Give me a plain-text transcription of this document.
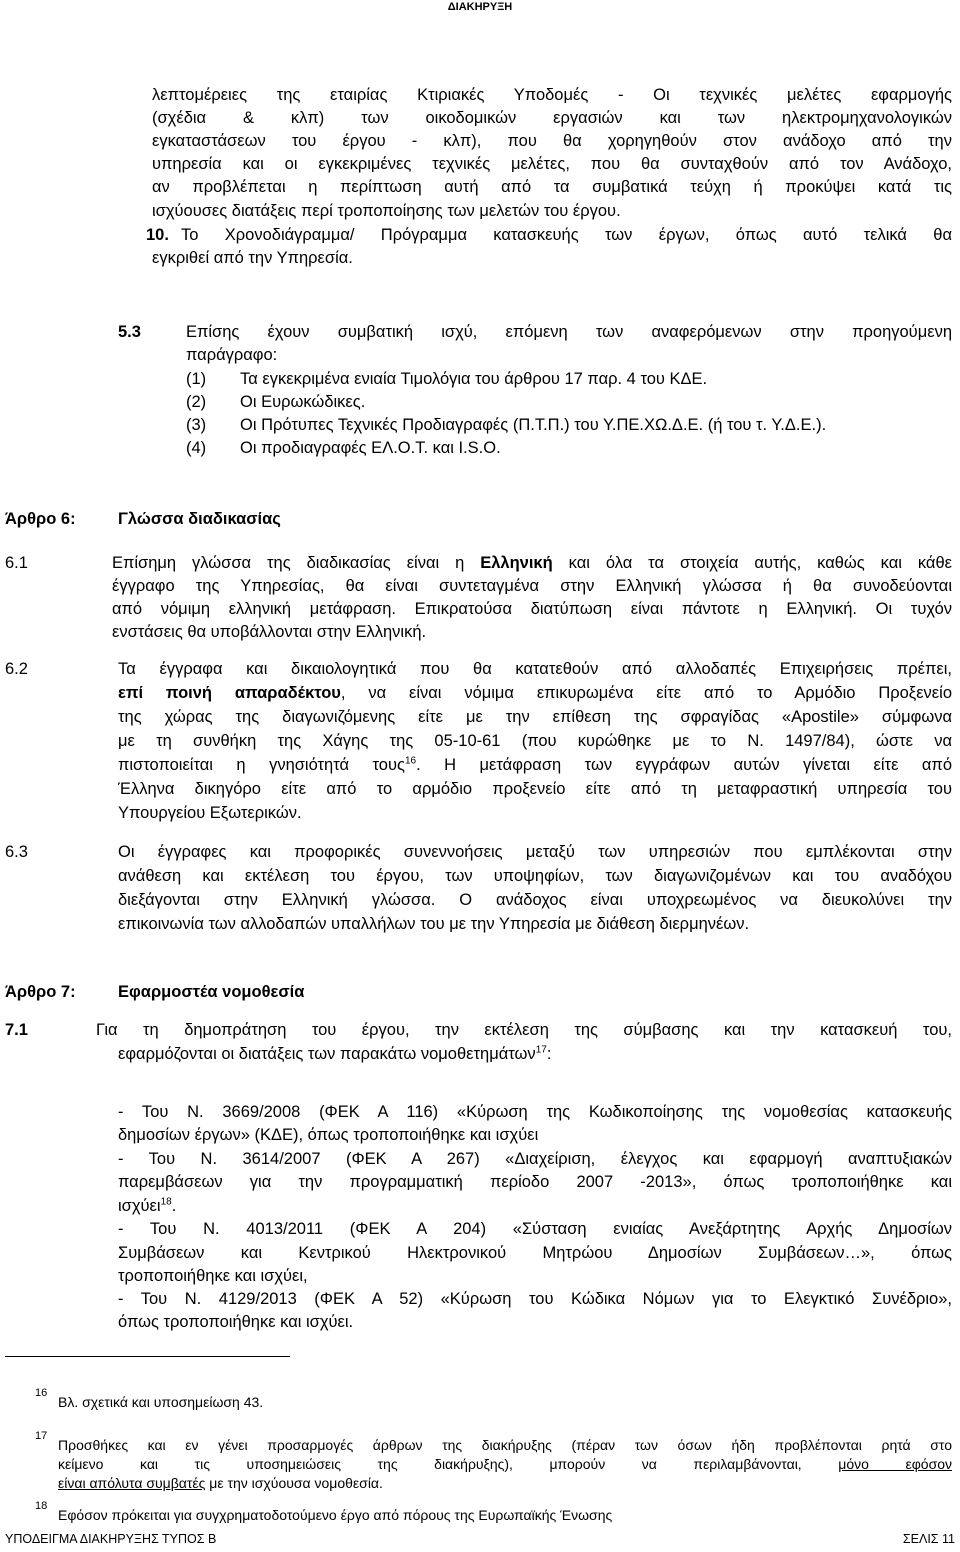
ΔΙΑΚΗΡΥΞΗ
λεπτομέρειες της εταιρίας Κτιριακές Υποδομές - Οι τεχνικές μελέτες εφαρμογής
(σχέδια & κλπ) των οικοδομικών εργασιών και των ηλεκτρομηχανολογικών
εγκαταστάσεων του έργου - κλπ), που θα χορηγηθούν στον ανάδοχο από την
υπηρεσία και οι εγκεκριμένες τεχνικές μελέτες, που θα συνταχθούν από τον Ανάδοχο,
αν προβλέπεται η περίπτωση αυτή από τα συμβατικά τεύχη ή προκύψει κατά τις
ισχύουσες διατάξεις περί τροποποίησης των μελετών του έργου.
10. Το Χρονοδιάγραμμα/ Πρόγραμμα κατασκευής των έργων, όπως αυτό τελικά θα
εγκριθεί από την Υπηρεσία.
5.3	Επίσης έχουν συμβατική ισχύ, επόμενη των αναφερόμενων στην προηγούμενη
παράγραφο:
(1) Τα εγκεκριμένα ενιαία Τιμολόγια του άρθρου 17 παρ. 4 του ΚΔΕ.
(2) Οι Ευρωκώδικες.
(3) Οι Πρότυπες Τεχνικές Προδιαγραφές (Π.Τ.Π.) του Υ.ΠΕ.ΧΩ.Δ.Ε. (ή του τ. Υ.Δ.Ε.).
(4) Οι προδιαγραφές ΕΛ.Ο.Τ. και I.S.O.
Άρθρο 6:	Γλώσσα διαδικασίας
6.1	Επίσημη γλώσσα της διαδικασίας είναι η Ελληνική και όλα τα στοιχεία αυτής, καθώς και κάθε
έγγραφο της Υπηρεσίας, θα είναι συντεταγμένα στην Ελληνική γλώσσα ή θα συνοδεύονται
από νόμιμη ελληνική μετάφραση. Επικρατούσα διατύπωση είναι πάντοτε η Ελληνική. Οι τυχόν
ενστάσεις θα υποβάλλονται στην Ελληνική.
6.2	Τα έγγραφα και δικαιολογητικά που θα κατατεθούν από αλλοδαπές Επιχειρήσεις πρέπει,
επί ποινή απαραδέκτου, να είναι νόμιμα επικυρωμένα είτε από το Αρμόδιο Προξενείο
της χώρας της διαγωνιζόμενης είτε με την επίθεση της σφραγίδας «Apostile» σύμφωνα
με τη συνθήκη της Χάγης της 05-10-61 (που κυρώθηκε με το Ν. 1497/84), ώστε να
πιστοποιείται η γνησιότητά τους$^{16}$. Η μετάφραση των εγγράφων αυτών γίνεται είτε από
Έλληνα δικηγόρο είτε από το αρμόδιο προξενείο είτε από τη μεταφραστική υπηρεσία του
Υπουργείου Εξωτερικών.
6.3	Οι έγγραφες και προφορικές συνεννοήσεις μεταξύ των υπηρεσιών που εμπλέκονται στην
ανάθεση και εκτέλεση του έργου, των υποψηφίων, των διαγωνιζομένων και του αναδόχου
διεξάγονται στην Ελληνική γλώσσα. Ο ανάδοχος είναι υποχρεωμένος να διευκολύνει την
επικοινωνία των αλλοδαπών υπαλλήλων του με την Υπηρεσία με διάθεση διερμηνέων.
Άρθρο 7:	Εφαρμοστέα νομοθεσία
7.1	Για τη δημοπράτηση του έργου, την εκτέλεση της σύμβασης και την κατασκευή του,
εφαρμόζονται οι διατάξεις των παρακάτω νομοθετημάτων$^{17}$:
- Του Ν. 3669/2008 (ΦΕΚ Α 116) «Κύρωση της Κωδικοποίησης της νομοθεσίας κατασκευής
δημοσίων έργων» (ΚΔΕ), όπως τροποποιήθηκε και ισχύει
- Του Ν. 3614/2007 (ΦΕΚ Α 267) «Διαχείριση, έλεγχος και εφαρμογή αναπτυξιακών
παρεμβάσεων για την προγραμματική περίοδο 2007 -2013», όπως τροποποιήθηκε και
ισχύει$^{18}$.
- Του Ν. 4013/2011 (ΦΕΚ Α 204) «Σύσταση ενιαίας Ανεξάρτητης Αρχής Δημοσίων
Συμβάσεων και Κεντρικού Ηλεκτρονικού Μητρώου Δημοσίων Συμβάσεων…», όπως
τροποποιήθηκε και ισχύει,
- Του Ν. 4129/2013 (ΦΕΚ Α 52) «Κύρωση του Κώδικα Νόμων για το Ελεγκτικό Συνέδριο»,
όπως τροποποιήθηκε και ισχύει.
16
Βλ. σχετικά και υποσημείωση 43.
17
Προσθήκες και εν γένει προσαρμογές άρθρων της διακήρυξης (πέραν των όσων ήδη προβλέπονται ρητά στο
κείμενο και τις υποσημειώσεις της διακήρυξης), μπορούν να περιλαμβάνονται, μόνο εφόσον
είναι απόλυτα συμβατές με την ισχύουσα νομοθεσία.
18
Εφόσον πρόκειται για συγχρηματοδοτούμενο έργο από πόρους της Ευρωπαϊκής Ένωσης
ΥΠΟΔΕΙΓΜΑ ΔΙΑΚΗΡΥΞΗΣ ΤΥΠΟΣ Β	ΣΕΛΙΣ 11
